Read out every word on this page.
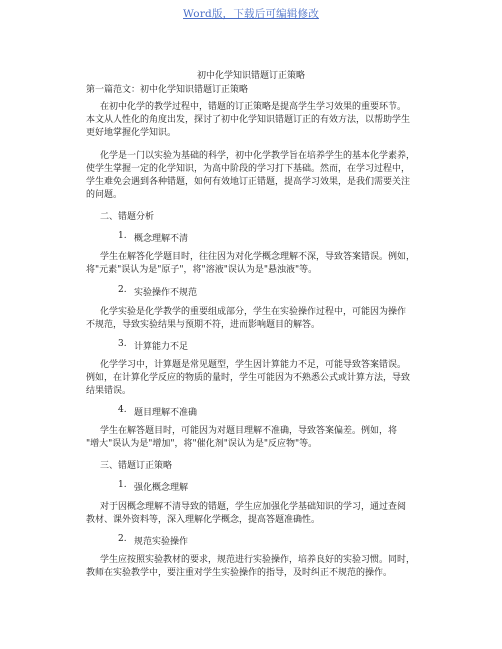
Word版，下载后可编辑修改
初中化学知识错题订正策略
第一篇范文：初中化学知识错题订正策略
在初中化学的教学过程中，错题的订正策略是提高学生学习效果的重要环节。
本文从人性化的角度出发，探讨了初中化学知识错题订正的有效方法，以帮助学生
更好地掌握化学知识。
化学是一门以实验为基础的科学，初中化学教学旨在培养学生的基本化学素养，
使学生掌握一定的化学知识，为高中阶段的学习打下基础。然而，在学习过程中，
学生难免会遇到各种错题，如何有效地订正错题，提高学习效果，是我们需要关注
的问题。
二、错题分析
1. 概念理解不清
学生在解答化学题目时，往往因为对化学概念理解不深，导致答案错误。例如，
将"元素"误认为是"原子"，将"溶液"误认为是"悬浊液"等。
2. 实验操作不规范
化学实验是化学教学的重要组成部分，学生在实验操作过程中，可能因为操作
不规范，导致实验结果与预期不符，进而影响题目的解答。
3. 计算能力不足
化学学习中，计算题是常见题型，学生因计算能力不足，可能导致答案错误。
例如，在计算化学反应的物质的量时，学生可能因为不熟悉公式或计算方法，导致
结果错误。
4. 题目理解不准确
学生在解答题目时，可能因为对题目理解不准确，导致答案偏差。例如，将
"增大"误认为是"增加"，将"催化剂"误认为是"反应物"等。
三、错题订正策略
1. 强化概念理解
对于因概念理解不清导致的错题，学生应加强化学基础知识的学习，通过查阅
教材、课外资料等，深入理解化学概念，提高答题准确性。
2. 规范实验操作
学生应按照实验教材的要求，规范进行实验操作，培养良好的实验习惯。同时，
教师在实验教学中，要注重对学生实验操作的指导，及时纠正不规范的操作。
